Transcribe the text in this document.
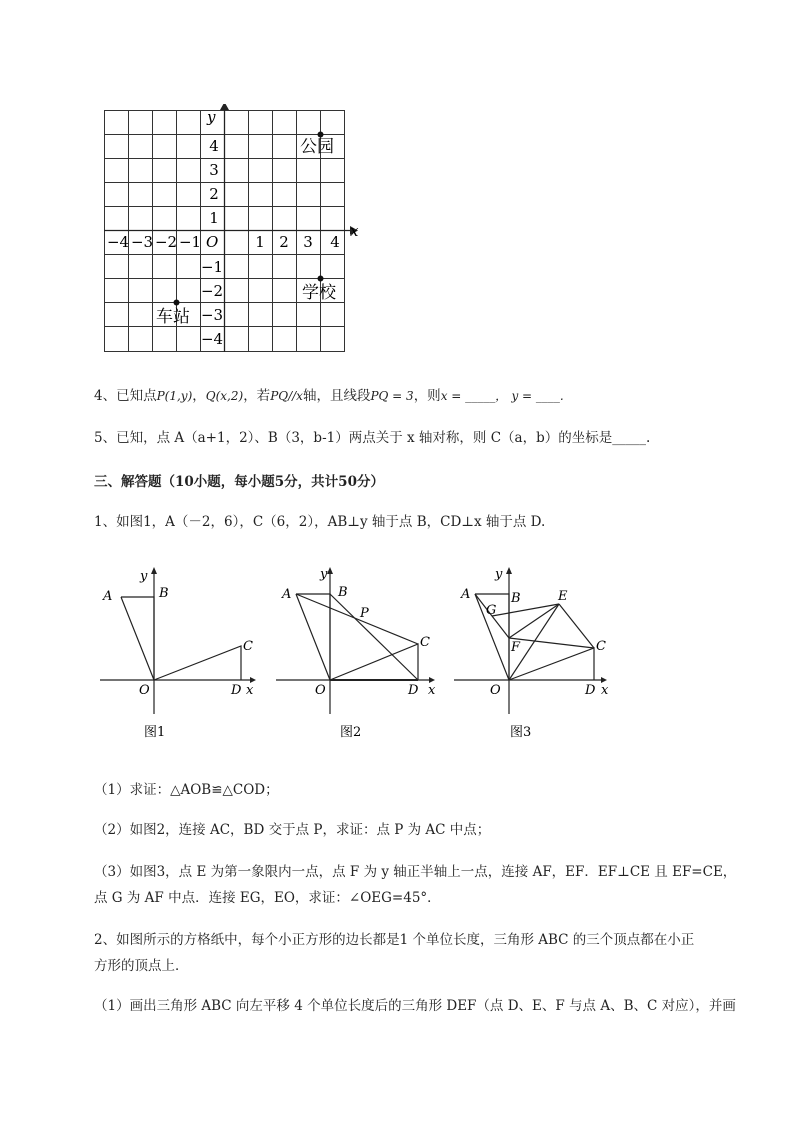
x
y
O
−4 −3 −2 −1	1 2 3 4
4
3
2
1
−1
−2
−3
−4
公园
学校
车站
4、已知点P(1,y)，Q(x,2)，若PQ//x轴，且线段PQ = 3，则x = _____， y = ____.
5、已知，点 A（a+1，2）、B（3，b-1）两点关于 x 轴对称，则 C（a，b）的坐标是_____.
三、解答题（10小题，每小题5分，共计50分）
1、如图1，A（－2，6），C（6，2），AB⊥y 轴于点 B，CD⊥x 轴于点 D.
A	B
C
D
O	x
y
图1
A	B
P
C
D
O	x
y
图2
A	B
G
E
F	C
D
O	x
y
图3
（1）求证：△AOB≌△COD；
（2）如图2，连接 AC，BD 交于点 P，求证：点 P 为 AC 中点；
（3）如图3，点 E 为第一象限内一点，点 F 为 y 轴正半轴上一点，连接 AF，EF．EF⊥CE 且 EF=CE，
点 G 为 AF 中点．连接 EG，EO，求证：∠OEG=45°．
2、如图所示的方格纸中，每个小正方形的边长都是1 个单位长度，三角形 ABC 的三个顶点都在小正
方形的顶点上．
（1）画出三角形 ABC 向左平移 4 个单位长度后的三角形 DEF（点 D、E、F 与点 A、B、C 对应），并画
